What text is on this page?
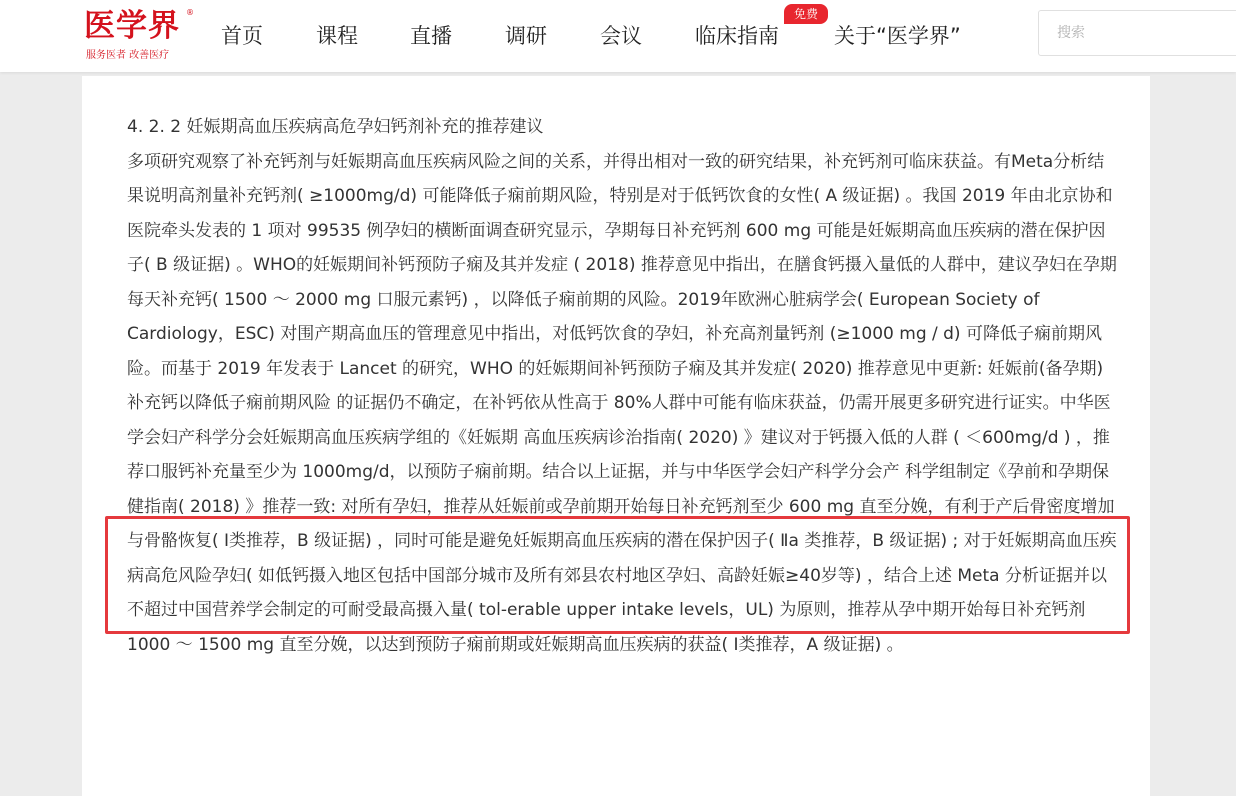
医学界 ®
服务医者 改善医疗
首页	课程 直播	调研	会议	临床指南
免费
关于“医学界”
搜索

4. 2. 2 妊娠期高血压疾病高危孕妇钙剂补充的推荐建议

多项研究观察了补充钙剂与妊娠期高血压疾病风险之间的关系，并得出相对一致的研究结果，补充钙剂可临床获益。有Meta分析结果说明高剂量补充钙剂( ≥1000mg/d) 可能降低子痫前期风险，特别是对于低钙饮食的女性( A 级证据) 。我国 2019 年由北京协和医院牵头发表的 1 项对 99535 例孕妇的横断面调查研究显示，孕期每日补充钙剂 600 mg 可能是妊娠期高血压疾病的潜在保护因子( B 级证据) 。WHO的妊娠期间补钙预防子痫及其并发症 ( 2018) 推荐意见中指出，在膳食钙摄入量低的人群中，建议孕妇在孕期每天补充钙( 1500 ～ 2000 mg 口服元素钙) ，以降低子痫前期的风险。2019年欧洲心脏病学会( European Society of Cardiology，ESC) 对围产期高血压的管理意见中指出，对低钙饮食的孕妇，补充高剂量钙剂 (≥1000 mg / d) 可降低子痫前期风险。而基于 2019 年发表于 Lancet 的研究，WHO 的妊娠期间补钙预防子痫及其并发症( 2020) 推荐意见中更新: 妊娠前(备孕期) 补充钙以降低子痫前期风险 的证据仍不确定，在补钙依从性高于 80%人群中可能有临床获益，仍需开展更多研究进行证实。中华医学会妇产科学分会妊娠期高血压疾病学组的《妊娠期 高血压疾病诊治指南( 2020) 》建议对于钙摄入低的人群 ( ＜600mg/d ) ，推荐口服钙补充量至少为 1000mg/d，以预防子痫前期。结合以上证据，并与中华医学会妇产科学分会产 科学组制定《孕前和孕期保健指南( 2018) 》推荐一致: 对所有孕妇，推荐从妊娠前或孕前期开始每日补充钙剂至少 600 mg 直至分娩，有利于产后骨密度增加与骨骼恢复( Ⅰ类推荐，B 级证据) ，同时可能是避免妊娠期高血压疾病的潜在保护因子( Ⅱa 类推荐，B 级证据) ; 对于妊娠期高血压疾病高危风险孕妇( 如低钙摄入地区包括中国部分城市及所有郊县农村地区孕妇、高龄妊娠≥40岁等) ，结合上述 Meta 分析证据并以不超过中国营养学会制定的可耐受最高摄入量( tol-erable upper intake levels，UL) 为原则，推荐从孕中期开始每日补充钙剂 1000 ～ 1500 mg 直至分娩，以达到预防子痫前期或妊娠期高血压疾病的获益( Ⅰ类推荐，A 级证据) 。
